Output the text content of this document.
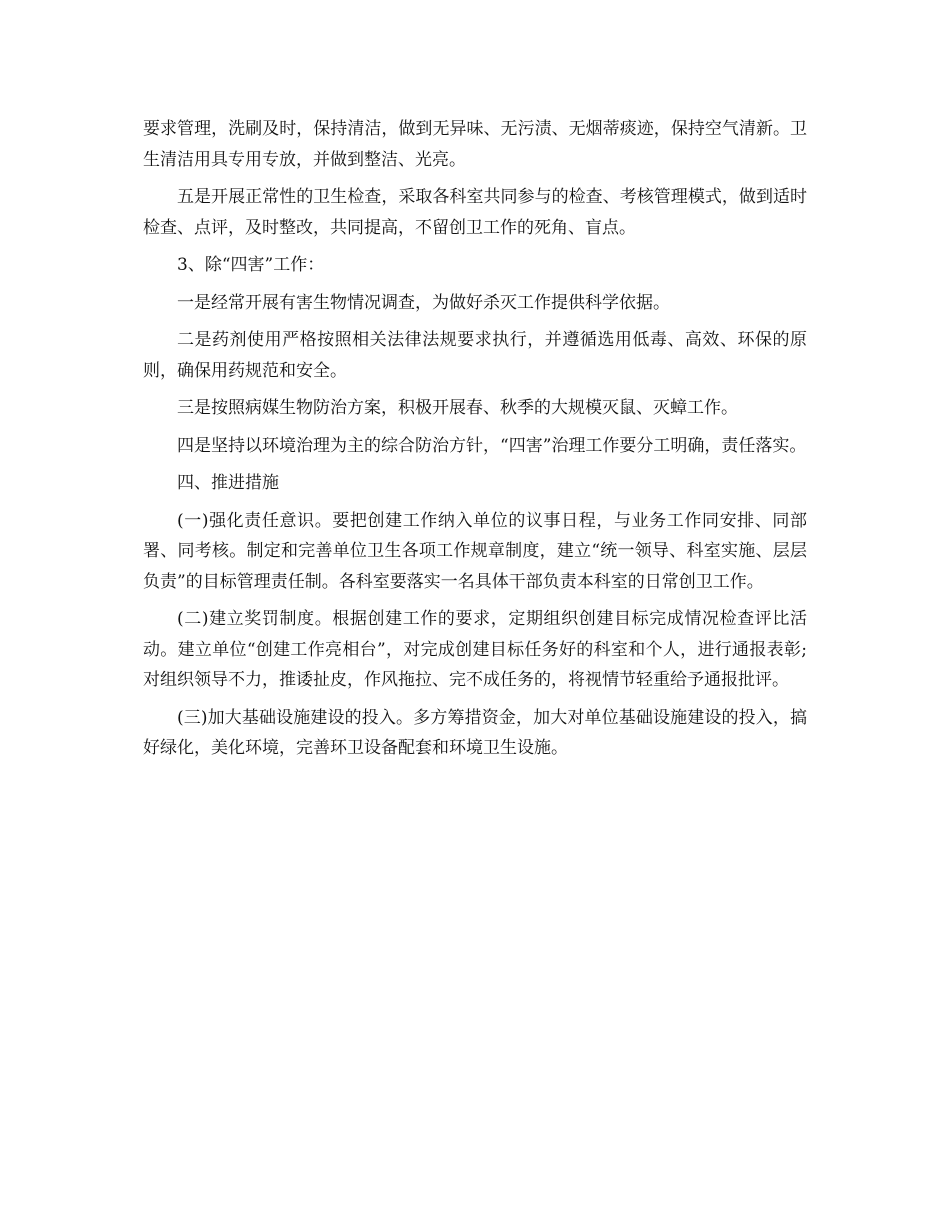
要求管理，洗刷及时，保持清洁，做到无异味、无污渍、无烟蒂痰迹，保持空气清新。卫生清洁用具专用专放，并做到整洁、光亮。

五是开展正常性的卫生检查，采取各科室共同参与的检查、考核管理模式，做到适时检查、点评，及时整改，共同提高，不留创卫工作的死角、盲点。

3、除“四害”工作：

一是经常开展有害生物情况调查，为做好杀灭工作提供科学依据。

二是药剂使用严格按照相关法律法规要求执行，并遵循选用低毒、高效、环保的原则，确保用药规范和安全。

三是按照病媒生物防治方案，积极开展春、秋季的大规模灭鼠、灭蟑工作。

四是坚持以环境治理为主的综合防治方针，“四害”治理工作要分工明确，责任落实。

四、推进措施

(一)强化责任意识。要把创建工作纳入单位的议事日程，与业务工作同安排、同部署、同考核。制定和完善单位卫生各项工作规章制度，建立“统一领导、科室实施、层层负责”的目标管理责任制。各科室要落实一名具体干部负责本科室的日常创卫工作。

(二)建立奖罚制度。根据创建工作的要求，定期组织创建目标完成情况检查评比活动。建立单位“创建工作亮相台”，对完成创建目标任务好的科室和个人，进行通报表彰;对组织领导不力，推诿扯皮，作风拖拉、完不成任务的，将视情节轻重给予通报批评。

(三)加大基础设施建设的投入。多方筹措资金，加大对单位基础设施建设的投入，搞好绿化，美化环境，完善环卫设备配套和环境卫生设施。
